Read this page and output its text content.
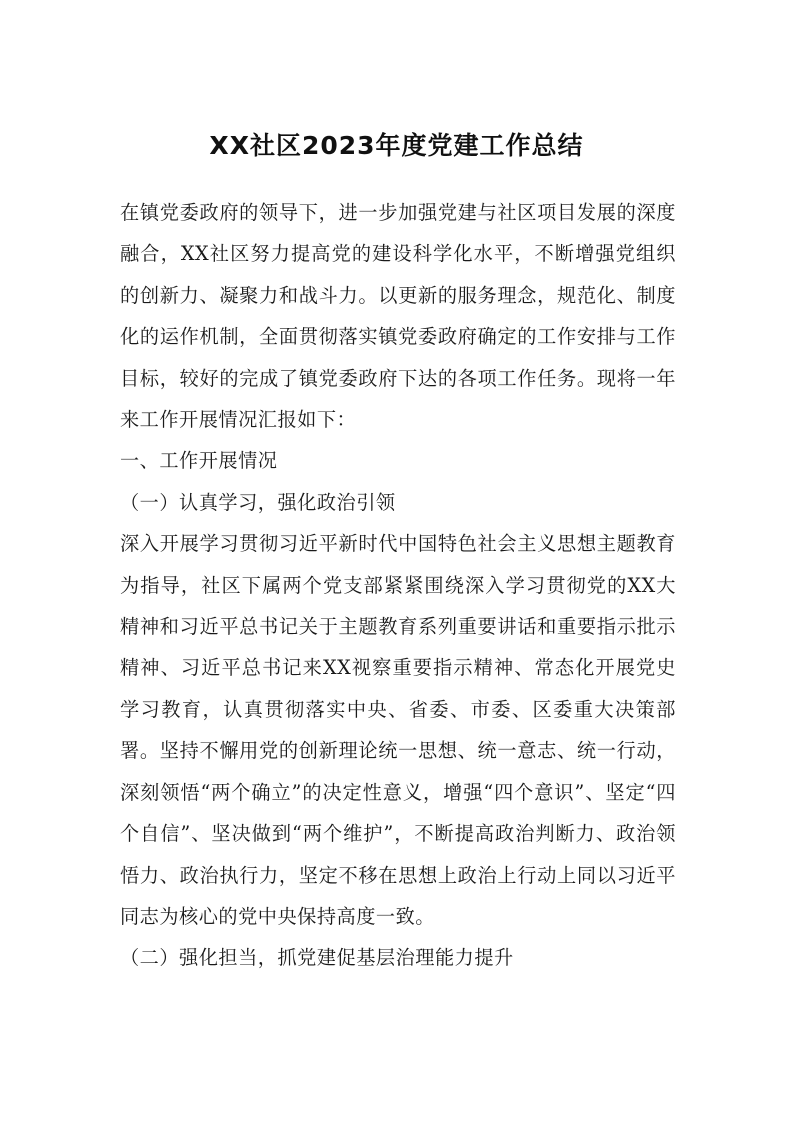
XX社区2023年度党建工作总结

在镇党委政府的领导下，进一步加强党建与社区项目发展的深度融合，XX社区努力提高党的建设科学化水平，不断增强党组织的创新力、凝聚力和战斗力。以更新的服务理念，规范化、制度化的运作机制，全面贯彻落实镇党委政府确定的工作安排与工作目标，较好的完成了镇党委政府下达的各项工作任务。现将一年来工作开展情况汇报如下：

一、工作开展情况

（一）认真学习，强化政治引领

深入开展学习贯彻习近平新时代中国特色社会主义思想主题教育为指导，社区下属两个党支部紧紧围绕深入学习贯彻党的XX大精神和习近平总书记关于主题教育系列重要讲话和重要指示批示精神、习近平总书记来XX视察重要指示精神、常态化开展党史学习教育，认真贯彻落实中央、省委、市委、区委重大决策部署。坚持不懈用党的创新理论统一思想、统一意志、统一行动，深刻领悟“两个确立”的决定性意义，增强“四个意识”、坚定“四个自信”、坚决做到“两个维护”，不断提高政治判断力、政治领悟力、政治执行力，坚定不移在思想上政治上行动上同以习近平同志为核心的党中央保持高度一致。

（二）强化担当，抓党建促基层治理能力提升
